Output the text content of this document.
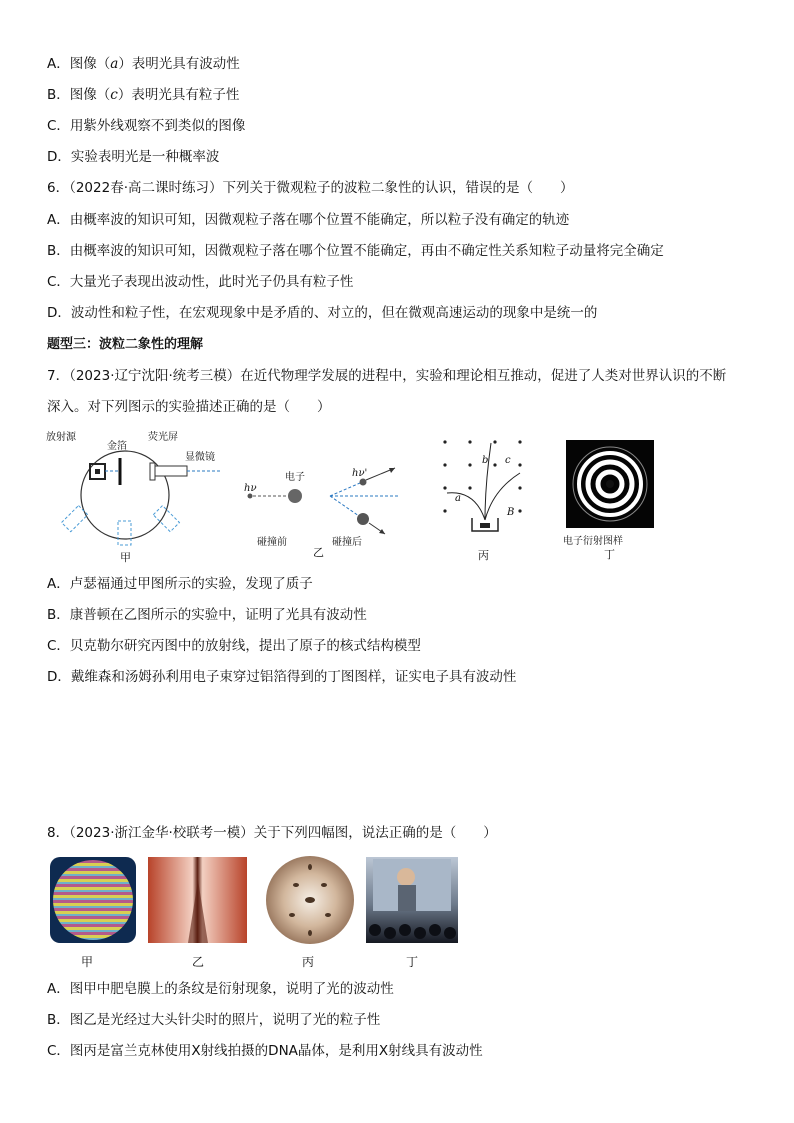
A．图像（a）表明光具有波动性
B．图像（c）表明光具有粒子性
C．用紫外线观察不到类似的图像
D．实验表明光是一种概率波
6．（2022春·高二课时练习）下列关于微观粒子的波粒二象性的认识，错误的是（　　）
A．由概率波的知识可知，因微观粒子落在哪个位置不能确定，所以粒子没有确定的轨迹
B．由概率波的知识可知，因微观粒子落在哪个位置不能确定，再由不确定性关系知粒子动量将完全确定
C．大量光子表现出波动性，此时光子仍具有粒子性
D．波动性和粒子性，在宏观现象中是矛盾的、对立的，但在微观高速运动的现象中是统一的
题型三：波粒二象性的理解
7．（2023·辽宁沈阳·统考三模）在近代物理学发展的进程中，实验和理论相互推动，促进了人类对世界认识的不断
深入。对下列图示的实验描述正确的是（　　）
放射源
金箔
荧光屏
显微镜
甲
hν
电子	hν'
碰撞前
乙
碰撞后
a
b c
B
丙
电子衍射图样
丁
A．卢瑟福通过甲图所示的实验，发现了质子
B．康普顿在乙图所示的实验中，证明了光具有波动性
C．贝克勒尔研究丙图中的放射线，提出了原子的核式结构模型
D．戴维森和汤姆孙利用电子束穿过铝箔得到的丁图图样，证实电子具有波动性
8．（2023·浙江金华·校联考一模）关于下列四幅图，说法正确的是（　　）
甲	乙	丙	丁
A．图甲中肥皂膜上的条纹是衍射现象，说明了光的波动性
B．图乙是光经过大头针尖时的照片，说明了光的粒子性
C．图丙是富兰克林使用X射线拍摄的DNA晶体，是利用X射线具有波动性
